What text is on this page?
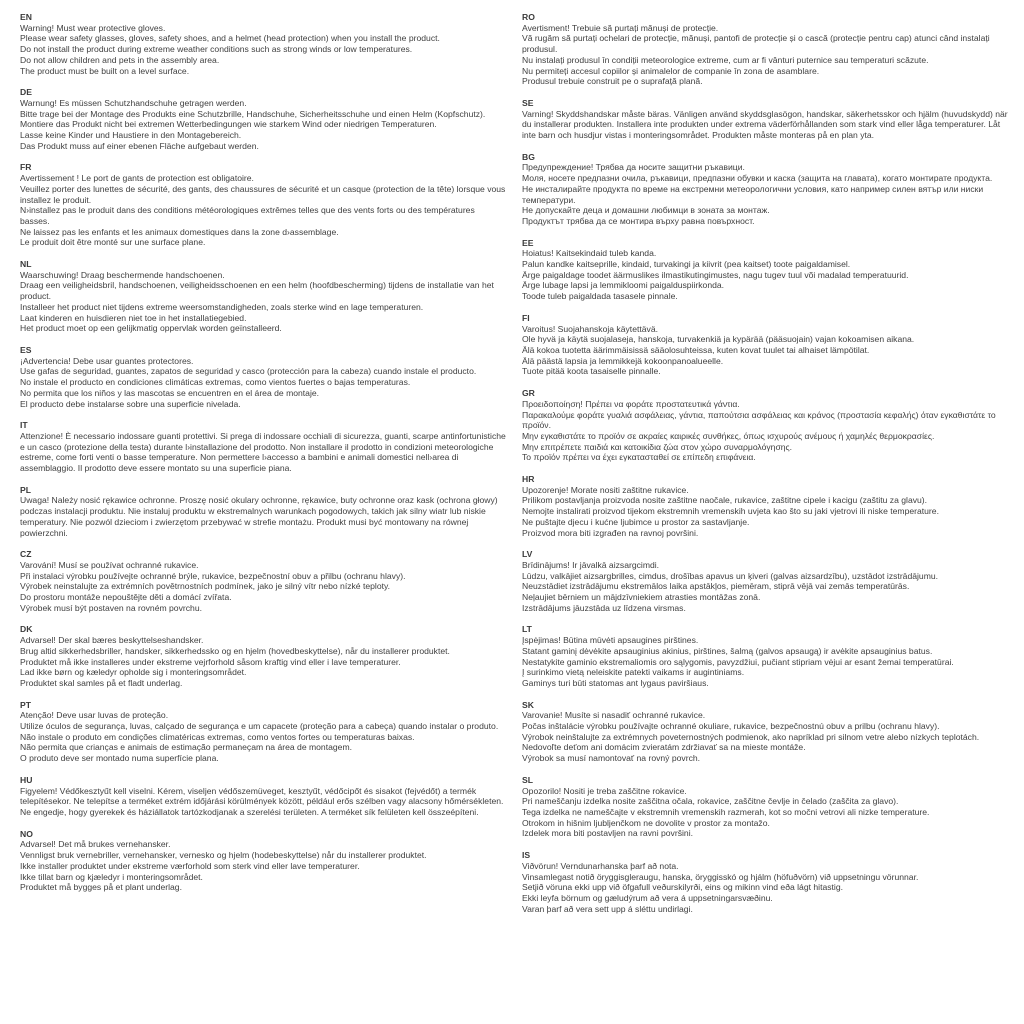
EN
Warning! Must wear protective gloves.
Please wear safety glasses, gloves, safety shoes, and a helmet (head protection) when you install the product.
Do not install the product during extreme weather conditions such as strong winds or low temperatures.
Do not allow children and pets in the assembly area.
The product must be built on a level surface.
DE
Warnung! Es müssen Schutzhandschuhe getragen werden.
Bitte trage bei der Montage des Produkts eine Schutzbrille, Handschuhe, Sicherheitsschuhe und einen Helm (Kopfschutz).
Montiere das Produkt nicht bei extremen Wetterbedingungen wie starkem Wind oder niedrigen Temperaturen.
Lasse keine Kinder und Haustiere in den Montagebereich.
Das Produkt muss auf einer ebenen Fläche aufgebaut werden.
FR
Avertissement ! Le port de gants de protection est obligatoire.
Veuillez porter des lunettes de sécurité, des gants, des chaussures de sécurité et un casque (protection de la tête) lorsque vous installez le produit.
N›installez pas le produit dans des conditions météorologiques extrêmes telles que des vents forts ou des températures basses.
Ne laissez pas les enfants et les animaux domestiques dans la zone d›assemblage.
Le produit doit être monté sur une surface plane.
NL
Waarschuwing! Draag beschermende handschoenen.
Draag een veiligheidsbril, handschoenen, veiligheidsschoenen en een helm (hoofdbescherming) tijdens de installatie van het product.
Installeer het product niet tijdens extreme weersomstandigheden, zoals sterke wind en lage temperaturen.
Laat kinderen en huisdieren niet toe in het installatiegebied.
Het product moet op een gelijkmatig oppervlak worden geïnstalleerd.
ES
¡Advertencia! Debe usar guantes protectores.
Use gafas de seguridad, guantes, zapatos de seguridad y casco (protección para la cabeza) cuando instale el producto.
No instale el producto en condiciones climáticas extremas, como vientos fuertes o bajas temperaturas.
No permita que los niños y las mascotas se encuentren en el área de montaje.
El producto debe instalarse sobre una superficie nivelada.
IT
Attenzione! È necessario indossare guanti protettivi. Si prega di indossare occhiali di sicurezza, guanti, scarpe antinfortunistiche e un casco (protezione della testa) durante l›installazione del prodotto. Non installare il prodotto in condizioni meteorologiche estreme, come forti venti o basse temperature. Non permettere l›accesso a bambini e animali domestici nell›area di assemblaggio. Il prodotto deve essere montato su una superficie piana.
PL
Uwaga! Należy nosić rękawice ochronne. Proszę nosić okulary ochronne, rękawice, buty ochronne oraz kask (ochrona głowy) podczas instalacji produktu. Nie instaluj produktu w ekstremalnych warunkach pogodowych, takich jak silny wiatr lub niskie temperatury. Nie pozwól dzieciom i zwierzętom przebywać w strefie montażu. Produkt musi być montowany na równej powierzchni.
CZ
Varování! Musí se používat ochranné rukavice.
Při instalaci výrobku používejte ochranné brýle, rukavice, bezpečnostní obuv a přilbu (ochranu hlavy).
Výrobek neinstalujte za extrémních povětrnostních podmínek, jako je silný vítr nebo nízké teploty.
Do prostoru montáže nepouštějte děti a domácí zvířata.
Výrobek musí být postaven na rovném povrchu.
DK
Advarsel! Der skal bæres beskyttelseshandsker.
Brug altid sikkerhedsbriller, handsker, sikkerhedssko og en hjelm (hovedbeskyttelse), når du installerer produktet.
Produktet må ikke installeres under ekstreme vejrforhold såsom kraftig vind eller i lave temperaturer.
Lad ikke børn og kæledyr opholde sig i monteringsområdet.
Produktet skal samles på et fladt underlag.
PT
Atenção! Deve usar luvas de proteção.
Utilize óculos de segurança, luvas, calçado de segurança e um capacete (proteção para a cabeça) quando instalar o produto.
Não instale o produto em condições climatéricas extremas, como ventos fortes ou temperaturas baixas.
Não permita que crianças e animais de estimação permaneçam na área de montagem.
O produto deve ser montado numa superfície plana.
HU
Figyelem! Védőkesztyűt kell viselni. Kérem, viseljen védőszemüveget, kesztyűt, védőcipőt és sisakot (fejvédőt) a termék telepítésekor. Ne telepítse a terméket extrém időjárási körülmények között, például erős szélben vagy alacsony hőmérsékleten. Ne engedje, hogy gyerekek és háziállatok tartózkodjanak a szerelési területen. A terméket sík felületen kell összeépíteni.
NO
Advarsel! Det må brukes vernehansker.
Vennligst bruk vernebriller, vernehansker, vernesko og hjelm (hodebeskyttelse) når du installerer produktet.
Ikke installer produktet under ekstreme værforhold som sterk vind eller lave temperaturer.
Ikke tillat barn og kjæledyr i monteringsområdet.
Produktet må bygges på et plant underlag.
RO
Avertisment! Trebuie să purtați mănuși de protecție.
Vă rugăm să purtați ochelari de protecție, mănuși, pantofi de protecție și o cască (protecție pentru cap) atunci când instalați produsul.
Nu instalați produsul în condiții meteorologice extreme, cum ar fi vânturi puternice sau temperaturi scăzute.
Nu permiteți accesul copiilor și animalelor de companie în zona de asamblare.
Produsul trebuie construit pe o suprafață plană.
SE
Varning! Skyddshandskar måste bäras. Vänligen använd skyddsglasögon, handskar, säkerhetsskor och hjälm (huvudskydd) när du installerar produkten. Installera inte produkten under extrema väderförhållanden som stark vind eller låga temperaturer. Låt inte barn och husdjur vistas i monteringsområdet. Produkten måste monteras på en plan yta.
BG
Предупреждение! Трябва да носите защитни ръкавици.
Моля, носете предпазни очила, ръкавици, предпазни обувки и каска (защита на главата), когато монтирате продукта.
Не инсталирайте продукта по време на екстремни метеорологични условия, като например силен вятър или ниски температури.
Не допускайте деца и домашни любимци в зоната за монтаж.
Продуктът трябва да се монтира върху равна повърхност.
EE
Hoiatus! Kaitsekindaid tuleb kanda.
Palun kandke kaitseprille, kindaid, turvakingi ja kiivrit (pea kaitset) toote paigaldamisel.
Ärge paigaldage toodet äärmuslikes ilmastikutingimustes, nagu tugev tuul või madalad temperatuurid.
Ärge lubage lapsi ja lemmikloomi paigalduspiirkonda.
Toode tuleb paigaldada tasasele pinnale.
FI
Varoitus! Suojahanskoja käytettävä.
Ole hyvä ja käytä suojalaseja, hanskoja, turvakenkiä ja kypärää (pääsuojain) vajan kokoamisen aikana.
Älä kokoa tuotetta äärimmäisissä sääolosuhteissa, kuten kovat tuulet tai alhaiset lämpötilat.
Älä päästä lapsia ja lemmikkejä kokoonpanoalueelle.
Tuote pitää koota tasaiselle pinnalle.
GR
Προειδοποίηση! Πρέπει να φοράτε προστατευτικά γάντια.
Παρακαλούμε φοράτε γυαλιά ασφάλειας, γάντια, παπούτσια ασφάλειας και κράνος (προστασία κεφαλής) όταν εγκαθιστάτε το προϊόν.
Μην εγκαθιστάτε το προϊόν σε ακραίες καιρικές συνθήκες, όπως ισχυρούς ανέμους ή χαμηλές θερμοκρασίες.
Μην επιτρέπετε παιδιά και κατοικίδια ζώα στον χώρο συναρμολόγησης.
Το προϊόν πρέπει να έχει εγκατασταθεί σε επίπεδη επιφάνεια.
HR
Upozorenje! Morate nositi zaštitne rukavice.
Prilikom postavljanja proizvoda nosite zaštitne naočale, rukavice, zaštitne cipele i kacigu (zaštitu za glavu).
Nemojte instalirati proizvod tijekom ekstremnih vremenskih uvjeta kao što su jaki vjetrovi ili niske temperature.
Ne puštajte djecu i kućne ljubimce u prostor za sastavljanje.
Proizvod mora biti izgrađen na ravnoj površini.
LV
Brīdinājums! Ir jāvalkā aizsargcimdi.
Lūdzu, valkājiet aizsargbrilles, cimdus, drošības apavus un ķiveri (galvas aizsardzību), uzstādot izstrādājumu.
Neuzstādiet izstrādājumu ekstremālos laika apstākļos, piemēram, stiprā vējā vai zemās temperatūrās.
Neļaujiet bērniem un mājdzīvniekiem atrasties montāžas zonā.
Izstrādājums jāuzstāda uz līdzena virsmas.
LT
Įspėjimas! Būtina mūvėti apsaugines pirštines.
Statant gaminį dėvėkite apsauginius akinius, pirštines, šalmą (galvos apsaugą) ir avėkite apsauginius batus.
Nestatykite gaminio ekstremaliomis oro sąlygomis, pavyzdžiui, pučiant stipriam vėjui ar esant žemai temperatūrai.
Į surinkimo vietą neleiskite patekti vaikams ir augintiniams.
Gaminys turi būti statomas ant lygaus paviršiaus.
SK
Varovanie! Musíte si nasadiť ochranné rukavice.
Počas inštalácie výrobku používajte ochranné okuliare, rukavice, bezpečnostnú obuv a prilbu (ochranu hlavy).
Výrobok neinštalujte za extrémnych poveternostných podmienok, ako napríklad pri silnom vetre alebo nízkych teplotách.
Nedovoľte deťom ani domácim zvieratám zdržiavať sa na mieste montáže.
Výrobok sa musí namontovať na rovný povrch.
SL
Opozorilo! Nositi je treba zaščitne rokavice.
Pri nameščanju izdelka nosite zaščitna očala, rokavice, zaščitne čevlje in čelado (zaščita za glavo).
Tega izdelka ne nameščajte v ekstremnih vremenskih razmerah, kot so močni vetrovi ali nizke temperature.
Otrokom in hišnim ljubljenčkom ne dovolite v prostor za montažo.
Izdelek mora biti postavljen na ravni površini.
IS
Viðvörun! Verndunarhanska þarf að nota.
Vinsamlegast notið öryggisgleraugu, hanska, öryggisskó og hjálm (höfuðvörn) við uppsetningu vörunnar.
Setjið vöruna ekki upp við öfgafull veðurskilyrði, eins og mikinn vind eða lágt hitastig.
Ekki leyfa börnum og gæludýrum að vera á uppsetningarsvæðinu.
Varan þarf að vera sett upp á sléttu undirlagi.
